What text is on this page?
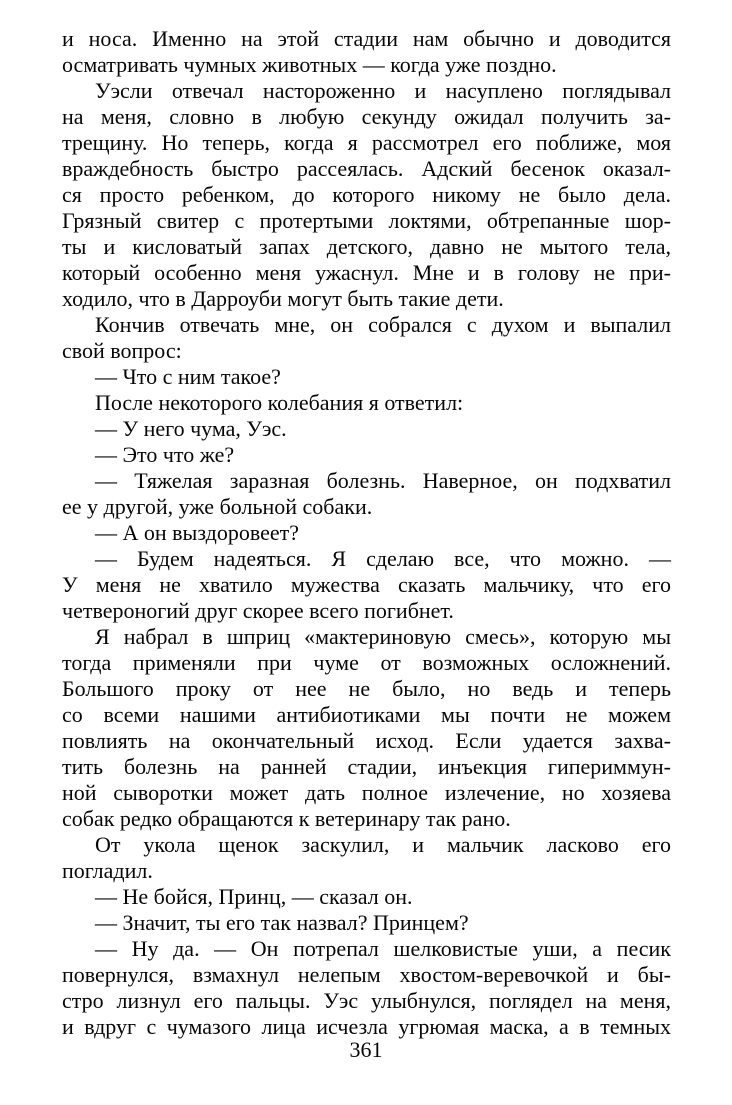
и носа. Именно на этой стадии нам обычно и доводится
осматривать чумных животных — когда уже поздно.
Уэсли отвечал настороженно и насуплено поглядывал
на меня, словно в любую секунду ожидал получить за-
трещину. Но теперь, когда я рассмотрел его поближе, моя
враждебность быстро рассеялась. Адский бесенок оказал-
ся просто ребенком, до которого никому не было дела.
Грязный свитер с протертыми локтями, обтрепанные шор-
ты и кисловатый запах детского, давно не мытого тела,
который особенно меня ужаснул. Мне и в голову не при-
ходило, что в Дарроуби могут быть такие дети.
Кончив отвечать мне, он собрался с духом и выпалил
свой вопрос:
— Что с ним такое?
После некоторого колебания я ответил:
— У него чума, Уэс.
— Это что же?
— Тяжелая заразная болезнь. Наверное, он подхватил
ее у другой, уже больной собаки.
— А он выздоровеет?
— Будем надеяться. Я сделаю все, что можно. —
У меня не хватило мужества сказать мальчику, что его
четвероногий друг скорее всего погибнет.
Я набрал в шприц «мактериновую смесь», которую мы
тогда применяли при чуме от возможных осложнений.
Большого проку от нее не было, но ведь и теперь
со всеми нашими антибиотиками мы почти не можем
повлиять на окончательный исход. Если удается захва-
тить болезнь на ранней стадии, инъекция гипериммун-
ной сыворотки может дать полное излечение, но хозяева
собак редко обращаются к ветеринару так рано.
От укола щенок заскулил, и мальчик ласково его
погладил.
— Не бойся, Принц, — сказал он.
— Значит, ты его так назвал? Принцем?
— Ну да. — Он потрепал шелковистые уши, а песик
повернулся, взмахнул нелепым хвостом-веревочкой и бы-
стро лизнул его пальцы. Уэс улыбнулся, поглядел на меня,
и вдруг с чумазого лица исчезла угрюмая маска, а в темных
361
